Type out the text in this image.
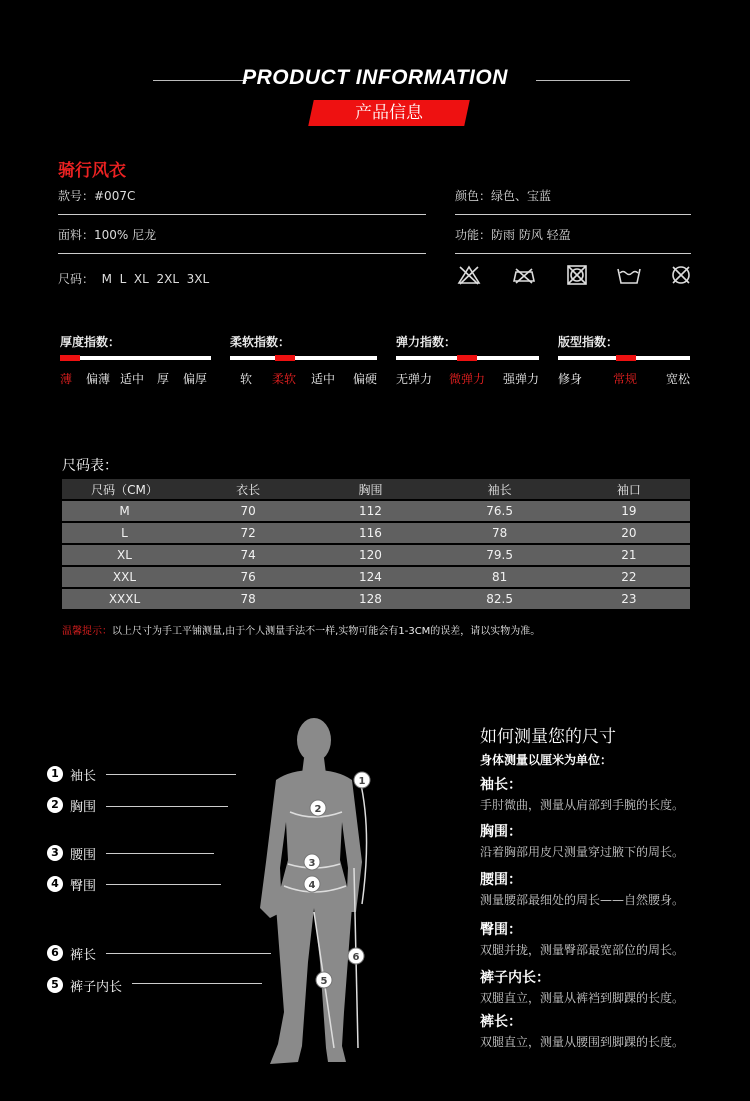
PRODUCT INFORMATION
产品信息
骑行风衣
款号：#007C	颜色：绿色、宝蓝
面料：100% 尼龙	功能：防雨 防风 轻盈
尺码：  M  L  XL  2XL  3XL
厚度指数：
薄 偏薄 适中 厚 偏厚
柔软指数：
软 柔软 适中 偏硬
弹力指数：
无弹力 微弹力 强弹力
版型指数：
修身	常规 宽松
尺码表：
尺码（CM）	衣长	胸围	袖长	袖口
M	70	112	76.5	19
L	72	116	78	20
XL	74	120	79.5	21
XXL	76	124	81	22
XXXL	78	128	82.5	23
温馨提示：以上尺寸为手工平铺测量,由于个人测量手法不一样,实物可能会有1-3CM的误差，请以实物为准。
1 袖长
2 胸围
3 腰围
4 臀围
6 裤长
5 裤子内长
1
2
3
4
5
6
如何测量您的尺寸
身体测量以厘米为单位：
袖长：
手肘微曲，测量从肩部到手腕的长度。
胸围：
沿着胸部用皮尺测量穿过腋下的周长。
腰围：
测量腰部最细处的周长——自然腰身。
臀围：
双腿并拢，测量臀部最宽部位的周长。
裤子内长：
双腿直立，测量从裤裆到脚踝的长度。
裤长：
双腿直立，测量从腰围到脚踝的长度。
